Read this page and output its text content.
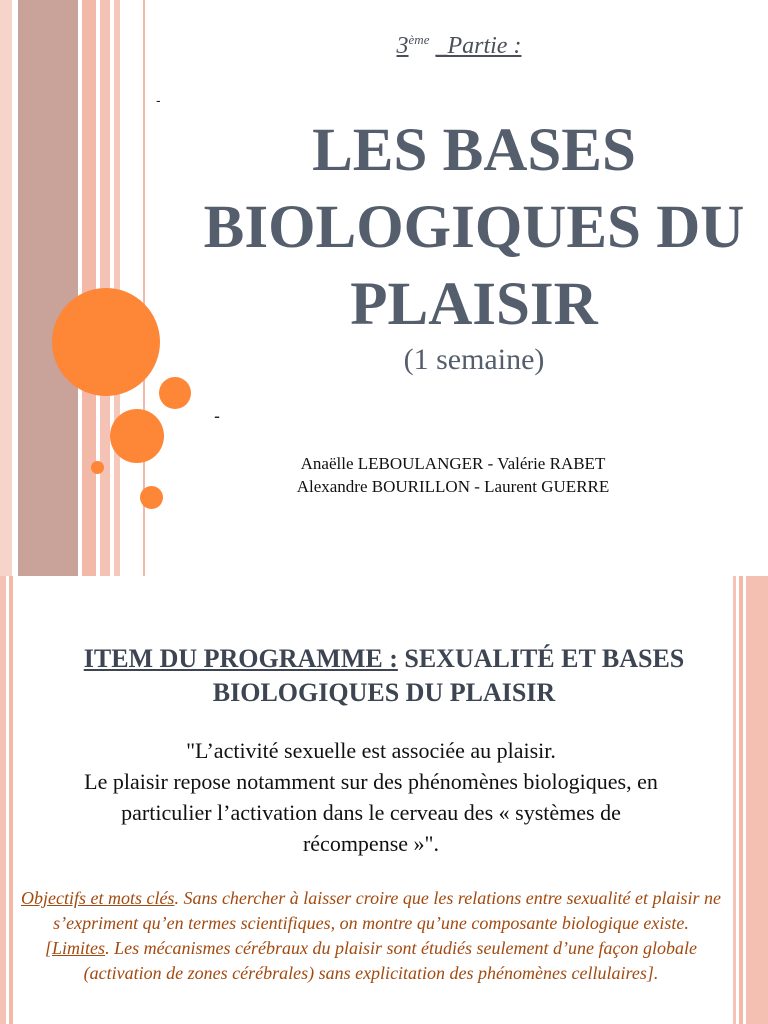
3ème _Partie :
-
LES BASES
BIOLOGIQUES DU
PLAISIR
(1 semaine)
-
Anaëlle LEBOULANGER - Valérie RABET
Alexandre BOURILLON - Laurent GUERRE
ITEM DU PROGRAMME : SEXUALITÉ ET BASES
BIOLOGIQUES DU PLAISIR
"L’activité sexuelle est associée au plaisir.
Le plaisir repose notamment sur des phénomènes biologiques, en
particulier l’activation dans le cerveau des « systèmes de
récompense »".
Objectifs et mots clés. Sans chercher à laisser croire que les relations entre sexualité et plaisir ne s’expriment qu’en termes scientifiques, on montre qu’une composante biologique existe.
[Limites. Les mécanismes cérébraux du plaisir sont étudiés seulement d’une façon globale (activation de zones cérébrales) sans explicitation des phénomènes cellulaires].
